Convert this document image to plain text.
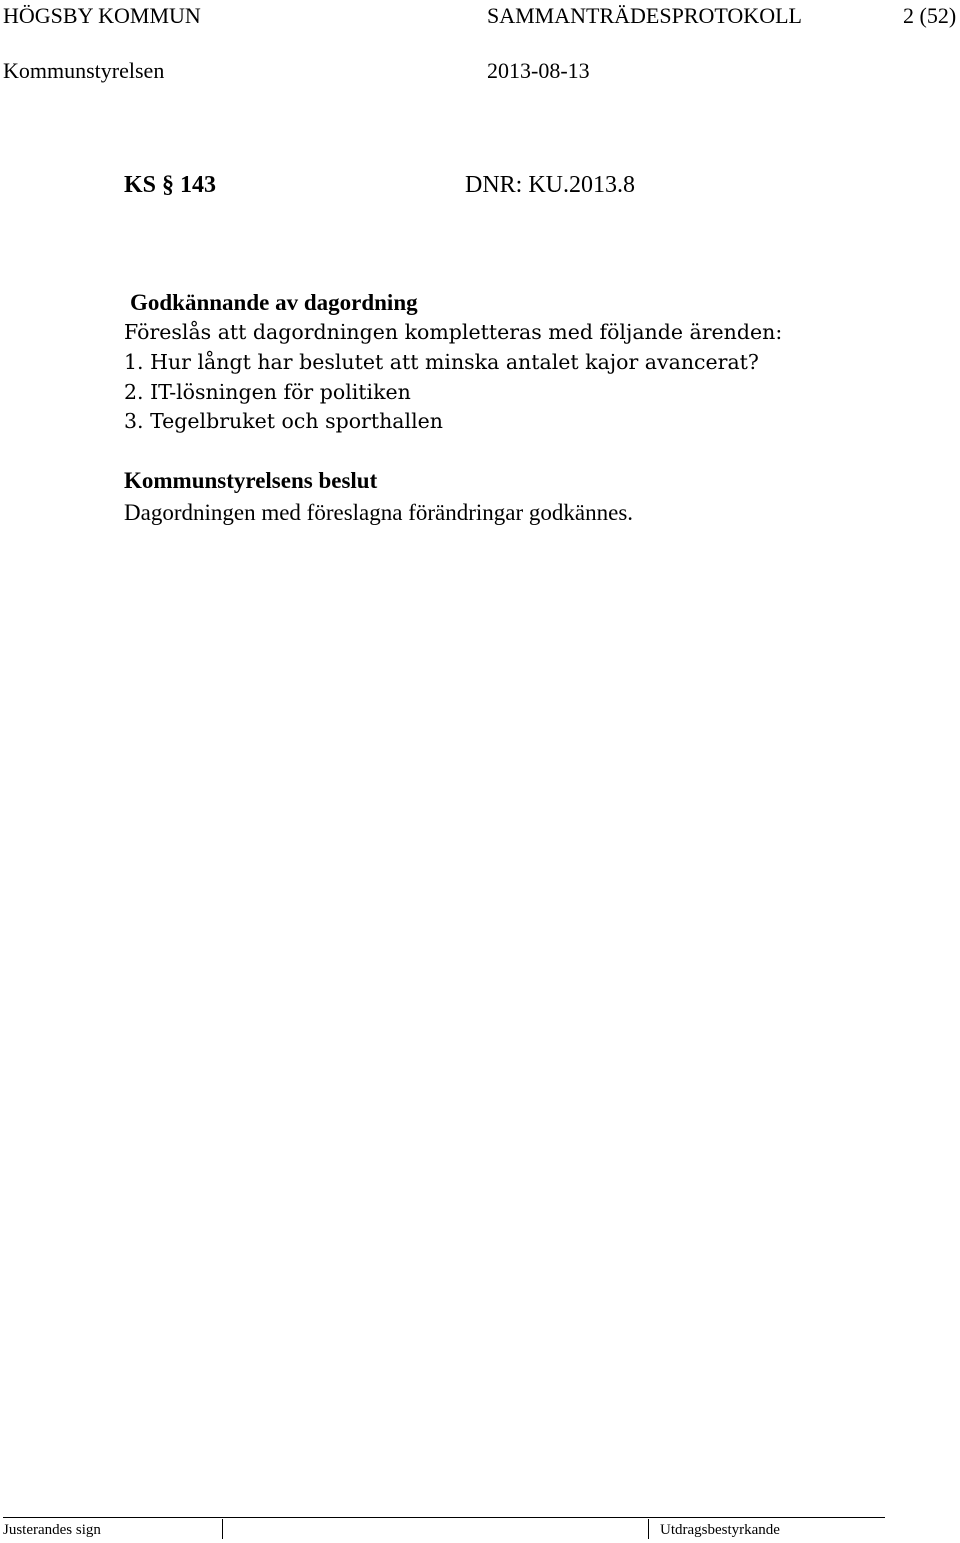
HÖGSBY KOMMUN	SAMMANTRÄDESPROTOKOLL	2 (52)
Kommunstyrelsen	2013-08-13
KS § 143	DNR: KU.2013.8
Godkännande av dagordning
Föreslås att dagordningen kompletteras med följande ärenden:
1. Hur långt har beslutet att minska antalet kajor avancerat?
2. IT-lösningen för politiken
3. Tegelbruket och sporthallen
Kommunstyrelsens beslut
Dagordningen med föreslagna förändringar godkännes.
Justerandes sign	Utdragsbestyrkande
